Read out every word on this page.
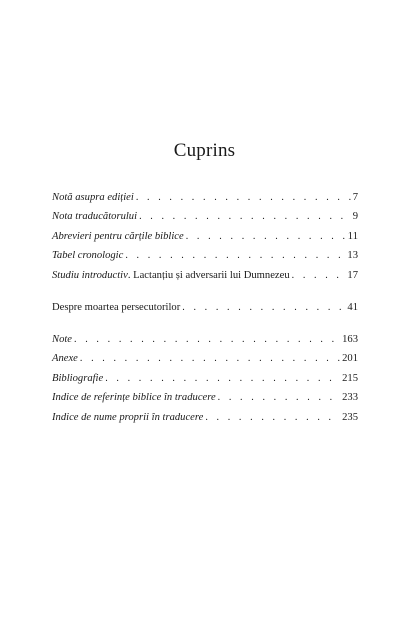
Cuprins
Notă asupra ediției . . .	7
Nota traducătorului . . .	9
Abrevieri pentru cărțile biblice . . .	11
Tabel cronologic . . .	13
Studiu introductiv. Lactanțiu și adversarii lui Dumnezeu . . .	17
Despre moartea persecutorilor . . .	41
Note . . .	163
Anexe . . .	201
Bibliografie . . .	215
Indice de referințe biblice în traducere . . .	233
Indice de nume proprii în traducere . . .	235
